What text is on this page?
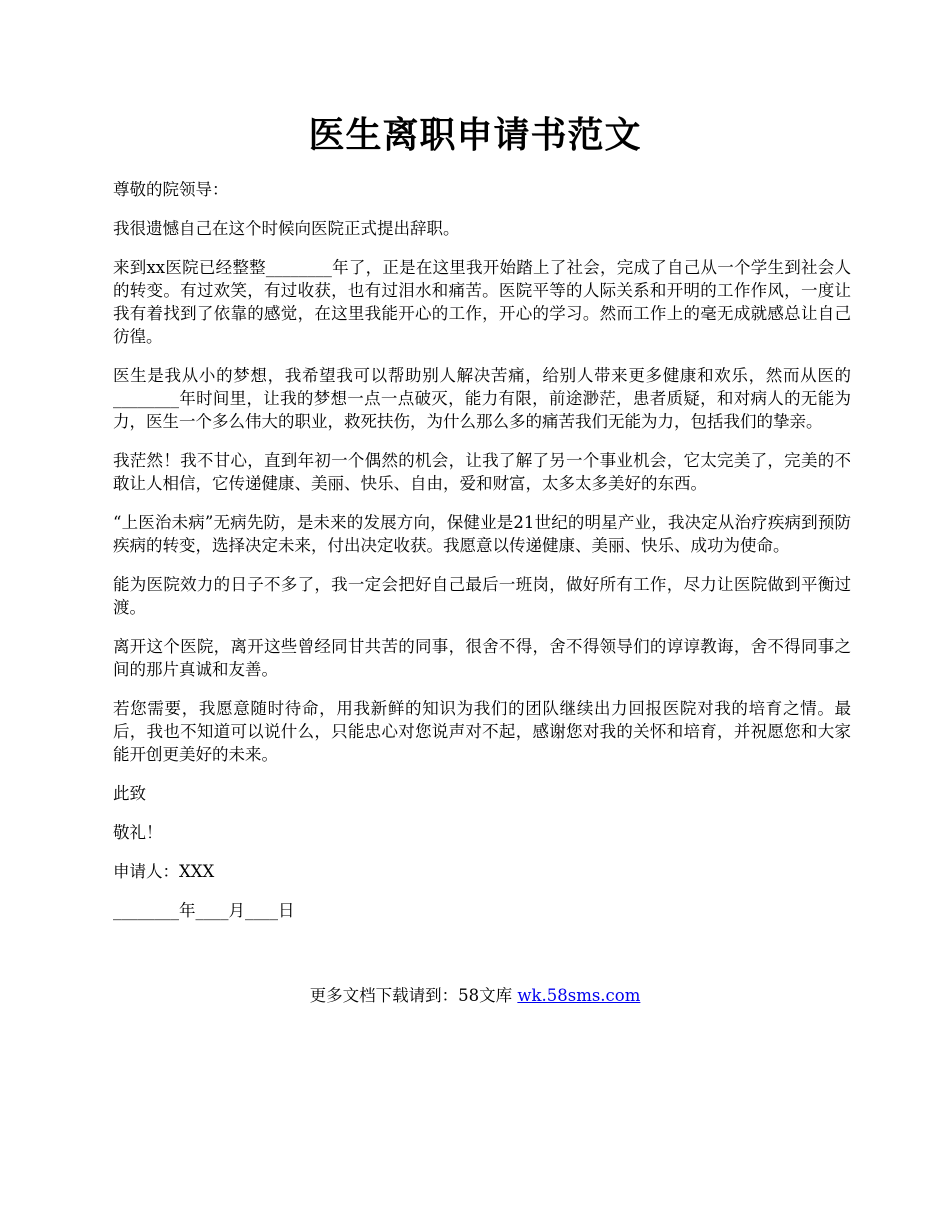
医生离职申请书范文

尊敬的院领导：

我很遗憾自己在这个时候向医院正式提出辞职。

来到xx医院已经整整________年了，正是在这里我开始踏上了社会，完成了自己从一个学生到社会人的转变。有过欢笑，有过收获，也有过泪水和痛苦。医院平等的人际关系和开明的工作作风，一度让我有着找到了依靠的感觉，在这里我能开心的工作，开心的学习。然而工作上的毫无成就感总让自己彷徨。

医生是我从小的梦想，我希望我可以帮助别人解决苦痛，给别人带来更多健康和欢乐，然而从医的________年时间里，让我的梦想一点一点破灭，能力有限，前途渺茫，患者质疑，和对病人的无能为力，医生一个多么伟大的职业，救死扶伤，为什么那么多的痛苦我们无能为力，包括我们的挚亲。

我茫然！我不甘心，直到年初一个偶然的机会，让我了解了另一个事业机会，它太完美了，完美的不敢让人相信，它传递健康、美丽、快乐、自由，爱和财富，太多太多美好的东西。

“上医治未病”无病先防，是未来的发展方向，保健业是21世纪的明星产业，我决定从治疗疾病到预防疾病的转变，选择决定未来，付出决定收获。我愿意以传递健康、美丽、快乐、成功为使命。

能为医院效力的日子不多了，我一定会把好自己最后一班岗，做好所有工作，尽力让医院做到平衡过渡。

离开这个医院，离开这些曾经同甘共苦的同事，很舍不得，舍不得领导们的谆谆教诲，舍不得同事之间的那片真诚和友善。

若您需要，我愿意随时待命，用我新鲜的知识为我们的团队继续出力回报医院对我的培育之情。最后，我也不知道可以说什么，只能忠心对您说声对不起，感谢您对我的关怀和培育，并祝愿您和大家能开创更美好的未来。

此致

敬礼！

申请人：XXX

________年____月____日

更多文档下载请到：58文库 wk.58sms.com
